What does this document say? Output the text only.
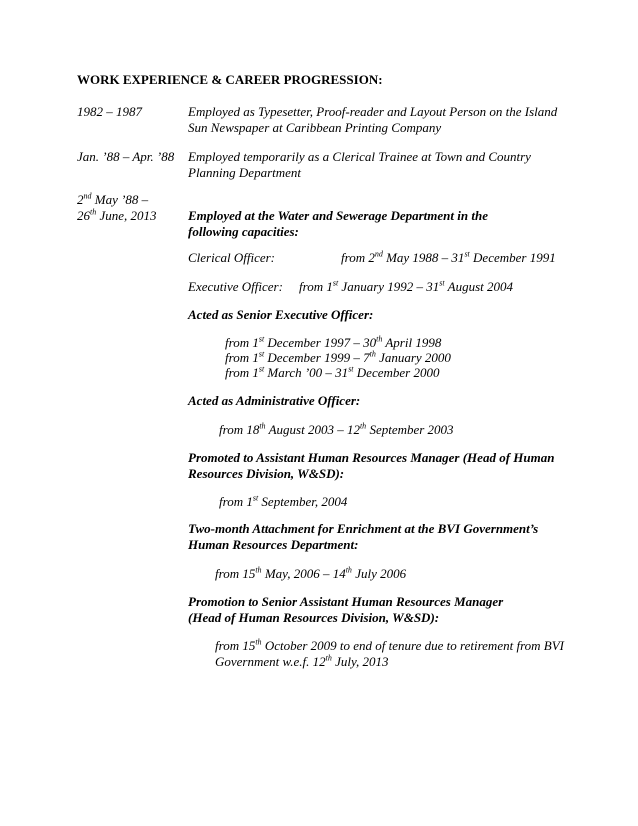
WORK EXPERIENCE & CAREER PROGRESSION:
1982 – 1987	Employed as Typesetter, Proof-reader and Layout Person on the Island
Sun Newspaper at Caribbean Printing Company
Jan. ’88 – Apr. ’88 Employed temporarily as a Clerical Trainee at Town and Country
Planning Department
2nd May ’88 –
26th June, 2013 Employed at the Water and Sewerage Department in the
following capacities:
Clerical Officer:	from 2nd May 1988 – 31st December 1991
Executive Officer: from 1st January 1992 – 31st August 2004
Acted as Senior Executive Officer:
from 1st December 1997 – 30th April 1998
from 1st December 1999 – 7th January 2000
from 1st March ’00 – 31st December 2000
Acted as Administrative Officer:
from 18th August 2003 – 12th September 2003
Promoted to Assistant Human Resources Manager (Head of Human
Resources Division, W&SD):
from 1st September, 2004
Two-month Attachment for Enrichment at the BVI Government’s
Human Resources Department:
from 15th May, 2006 – 14th July 2006
Promotion to Senior Assistant Human Resources Manager
(Head of Human Resources Division, W&SD):
from 15th October 2009 to end of tenure due to retirement from BVI
Government w.e.f. 12th July, 2013
